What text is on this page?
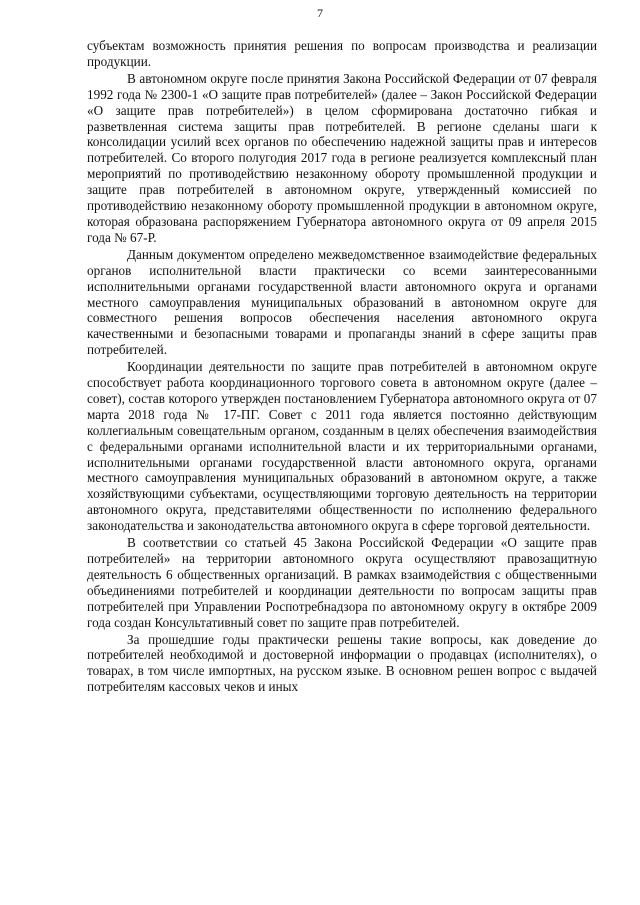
7

субъектам возможность принятия решения по вопросам производства и реализации продукции.

В автономном округе после принятия Закона Российской Федерации от 07 февраля 1992 года № 2300-1 «О защите прав потребителей» (далее – Закон Российской Федерации «О защите прав потребителей») в целом сформирована достаточно гибкая и разветвленная система защиты прав потребителей. В регионе сделаны шаги к консолидации усилий всех органов по обеспечению надежной защиты прав и интересов потребителей. Со второго полугодия 2017 года в регионе реализуется комплексный план мероприятий по противодействию незаконному обороту промышленной продукции и защите прав потребителей в автономном округе, утвержденный комиссией по противодействию незаконному обороту промышленной продукции в автономном округе, которая образована распоряжением Губернатора автономного округа от 09 апреля 2015 года № 67-Р.

Данным документом определено межведомственное взаимодействие федеральных органов исполнительной власти практически со всеми заинтересованными исполнительными органами государственной власти автономного округа и органами местного самоуправления муниципальных образований в автономном округе для совместного решения вопросов обеспечения населения автономного округа качественными и безопасными товарами и пропаганды знаний в сфере защиты прав потребителей.

Координации деятельности по защите прав потребителей в автономном округе способствует работа координационного торгового совета в автономном округе (далее – совет), состав которого утвержден постановлением Губернатора автономного округа от 07 марта 2018 года № 17-ПГ. Совет с 2011 года является постоянно действующим коллегиальным совещательным органом, созданным в целях обеспечения взаимодействия с федеральными органами исполнительной власти и их территориальными органами, исполнительными органами государственной власти автономного округа, органами местного самоуправления муниципальных образований в автономном округе, а также хозяйствующими субъектами, осуществляющими торговую деятельность на территории автономного округа, представителями общественности по исполнению федерального законодательства и законодательства автономного округа в сфере торговой деятельности.

В соответствии со статьей 45 Закона Российской Федерации «О защите прав потребителей» на территории автономного округа осуществляют правозащитную деятельность 6 общественных организаций. В рамках взаимодействия с общественными объединениями потребителей и координации деятельности по вопросам защиты прав потребителей при Управлении Роспотребнадзора по автономному округу в октябре 2009 года создан Консультативный совет по защите прав потребителей.

За прошедшие годы практически решены такие вопросы, как доведение до потребителей необходимой и достоверной информации о продавцах (исполнителях), о товарах, в том числе импортных, на русском языке. В основном решен вопрос с выдачей потребителям кассовых чеков и иных
